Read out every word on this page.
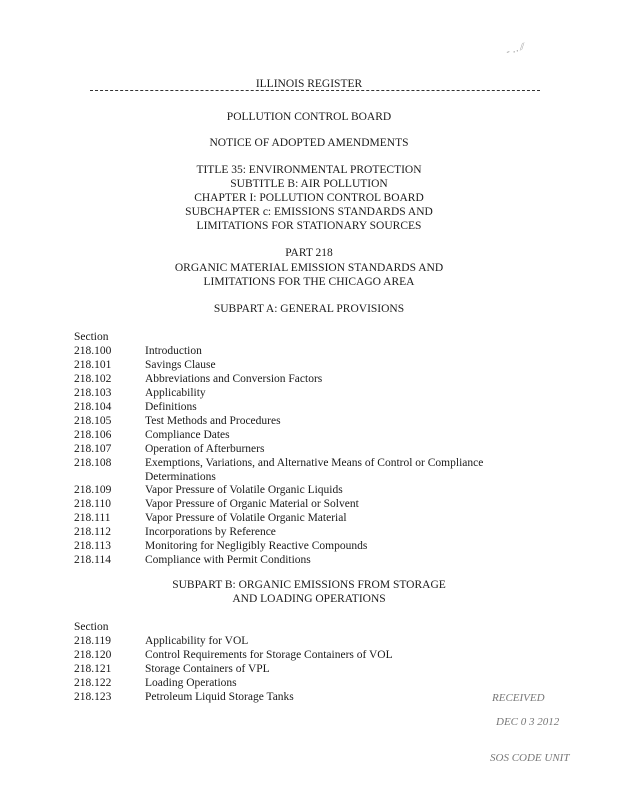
- ‥ ⁄⁄
ILLINOIS REGISTER
POLLUTION CONTROL BOARD
NOTICE OF ADOPTED AMENDMENTS
TITLE 35: ENVIRONMENTAL PROTECTION
SUBTITLE B: AIR POLLUTION
CHAPTER I: POLLUTION CONTROL BOARD
SUBCHAPTER c: EMISSIONS STANDARDS AND
LIMITATIONS FOR STATIONARY SOURCES
PART 218
ORGANIC MATERIAL EMISSION STANDARDS AND
LIMITATIONS FOR THE CHICAGO AREA
SUBPART A: GENERAL PROVISIONS
Section
218.100	Introduction
218.101	Savings Clause
218.102	Abbreviations and Conversion Factors
218.103	Applicability
218.104	Definitions
218.105	Test Methods and Procedures
218.106	Compliance Dates
218.107	Operation of Afterburners
218.108	Exemptions, Variations, and Alternative Means of Control or Compliance
Determinations
218.109	Vapor Pressure of Volatile Organic Liquids
218.110	Vapor Pressure of Organic Material or Solvent
218.111	Vapor Pressure of Volatile Organic Material
218.112	Incorporations by Reference
218.113	Monitoring for Negligibly Reactive Compounds
218.114	Compliance with Permit Conditions
SUBPART B: ORGANIC EMISSIONS FROM STORAGE
AND LOADING OPERATIONS
Section
218.119	Applicability for VOL
218.120	Control Requirements for Storage Containers of VOL
218.121	Storage Containers of VPL
218.122	Loading Operations
218.123	Petroleum Liquid Storage Tanks	RECEIVED
DEC 0 3 2012
SOS CODE UNIT
